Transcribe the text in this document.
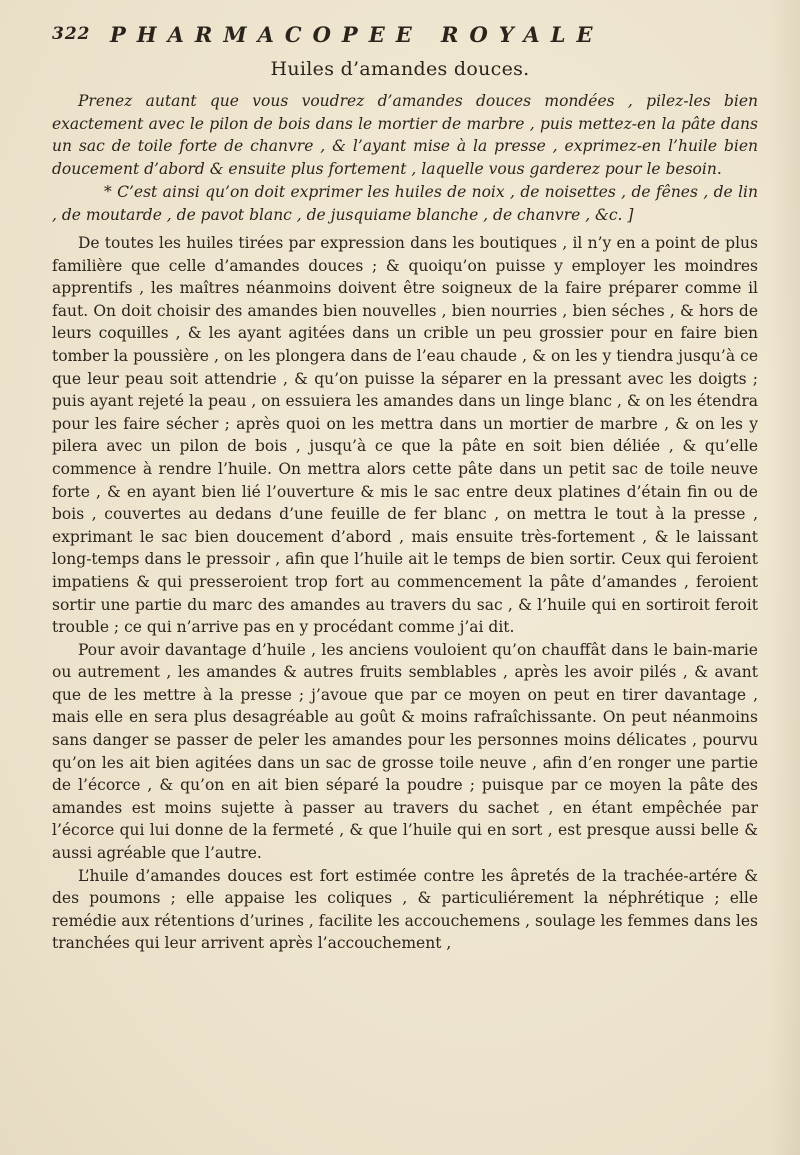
322 PHARMACOPEE ROYALE
Huiles d’amandes douces.

Prenez autant que vous voudrez d’amandes douces mondées , pilez-les bien exactement avec le pilon de bois dans le mortier de marbre , puis mettez-en la pâte dans un sac de toile forte de chanvre , & l’ayant mise à la presse , exprimez-en l’huile bien doucement d’abord & ensuite plus fortement , laquelle vous garderez pour le besoin.

* C’est ainsi qu’on doit exprimer les huiles de noix , de noisettes , de fênes , de lin , de moutarde , de pavot blanc , de jusquiame blanche , de chanvre , &c. ]

De toutes les huiles tirées par expression dans les boutiques , il n’y en a point de plus familière que celle d’amandes douces ; & quoiqu’on puisse y employer les moindres apprentifs , les maîtres néanmoins doivent être soigneux de la faire préparer comme il faut. On doit choisir des amandes bien nouvelles , bien nourries , bien séches , & hors de leurs coquilles , & les ayant agitées dans un crible un peu grossier pour en faire bien tomber la poussière , on les plongera dans de l’eau chaude , & on les y tiendra jusqu’à ce que leur peau soit attendrie , & qu’on puisse la séparer en la pressant avec les doigts ; puis ayant rejeté la peau , on essuiera les amandes dans un linge blanc , & on les étendra pour les faire sécher ; après quoi on les mettra dans un mortier de marbre , & on les y pilera avec un pilon de bois , jusqu’à ce que la pâte en soit bien déliée , & qu’elle commence à rendre l’huile. On mettra alors cette pâte dans un petit sac de toile neuve forte , & en ayant bien lié l’ouverture & mis le sac entre deux platines d’étain fin ou de bois , couvertes au dedans d’une feuille de fer blanc , on mettra le tout à la presse , exprimant le sac bien doucement d’abord , mais ensuite très-fortement , & le laissant long-temps dans le pressoir , afin que l’huile ait le temps de bien sortir. Ceux qui feroient impatiens & qui presseroient trop fort au commencement la pâte d’amandes , feroient sortir une partie du marc des amandes au travers du sac , & l’huile qui en sortiroit feroit trouble ; ce qui n’arrive pas en y procédant comme j’ai dit.

Pour avoir davantage d’huile , les anciens vouloient qu’on chauffât dans le bain-marie ou autrement , les amandes & autres fruits semblables , après les avoir pilés , & avant que de les mettre à la presse ; j’avoue que par ce moyen on peut en tirer davantage , mais elle en sera plus desagréable au goût & moins rafraîchissante. On peut néanmoins sans danger se passer de peler les amandes pour les personnes moins délicates , pourvu qu’on les ait bien agitées dans un sac de grosse toile neuve , afin d’en ronger une partie de l’écorce , & qu’on en ait bien séparé la poudre ; puisque par ce moyen la pâte des amandes est moins sujette à passer au travers du sachet , en étant empêchée par l’écorce qui lui donne de la fermeté , & que l’huile qui en sort , est presque aussi belle & aussi agréable que l’autre.

L’huile d’amandes douces est fort estimée contre les âpretés de la trachée-artére & des poumons ; elle appaise les coliques , & particuliérement la néphrétique ; elle remédie aux rétentions d’urines , facilite les accouchemens , soulage les femmes dans les tranchées qui leur arrivent après l’accouchement ,
